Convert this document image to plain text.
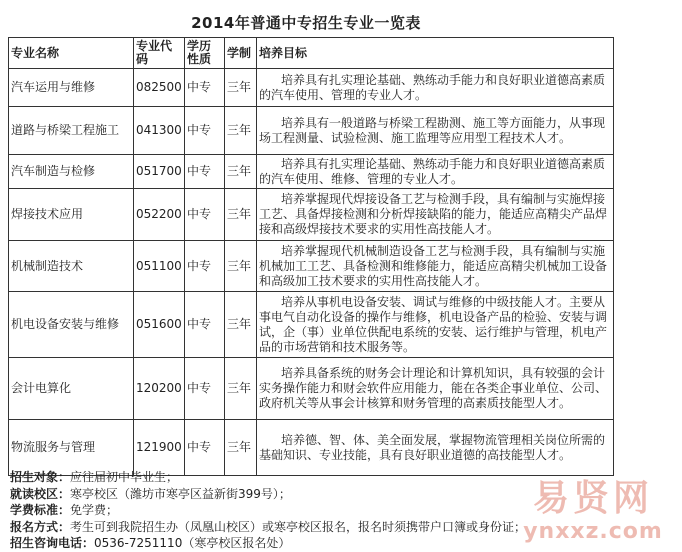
2014年普通中专招生专业一览表
专业名称	专业代码	学历性质	学制	培养目标
汽车运用与维修	082500	中专	三年	培养具有扎实理论基础、熟练动手能力和良好职业道德高素质的汽车使用、管理的专业人才。
道路与桥梁工程施工	041300	中专	三年	培养具有一般道路与桥梁工程勘测、施工等方面能力，从事现场工程测量、试验检测、施工监理等应用型工程技术人才。
汽车制造与检修	051700	中专	三年	培养具有扎实理论基础、熟练动手能力和良好职业道德高素质的汽车使用、维修、管理的专业人才。
焊接技术应用	052200	中专	三年	培养掌握现代焊接设备工艺与检测手段，具有编制与实施焊接工艺、具备焊接检测和分析焊接缺陷的能力，能适应高精尖产品焊接和高级焊接技术要求的实用性高技能人才。
机械制造技术	051100	中专	三年	培养掌握现代机械制造设备工艺与检测手段，具有编制与实施机械加工工艺、具备检测和维修能力，能适应高精尖机械加工设备和高级加工技术要求的实用性高技能人才。
机电设备安装与维修	051600	中专	三年	培养从事机电设备安装、调试与维修的中级技能人才。主要从事电气自动化设备的操作与维修，机电设备产品的检验、安装与调试，企（事）业单位供配电系统的安装、运行维护与管理，机电产品的市场营销和技术服务等。
会计电算化	120200	中专	三年	培养具备系统的财务会计理论和计算机知识，具有较强的会计实务操作能力和财会软件应用能力，能在各类企事业单位、公司、政府机关等从事会计核算和财务管理的高素质技能型人才。
物流服务与管理	121900	中专	三年	培养德、智、体、美全面发展，掌握物流管理相关岗位所需的基础知识、专业技能，具有良好职业道德的高技能型人才。
招生对象：应往届初中毕业生；
就读校区：寒亭校区（潍坊市寒亭区益新街399号）；
学费标准：免学费；
报名方式：考生可到我院招生办（凤凰山校区）或寒亭校区报名，报名时须携带户口簿或身份证；
招生咨询电话：0536-7251110（寒亭校区报名处）
易贤网
ynxxz.com
